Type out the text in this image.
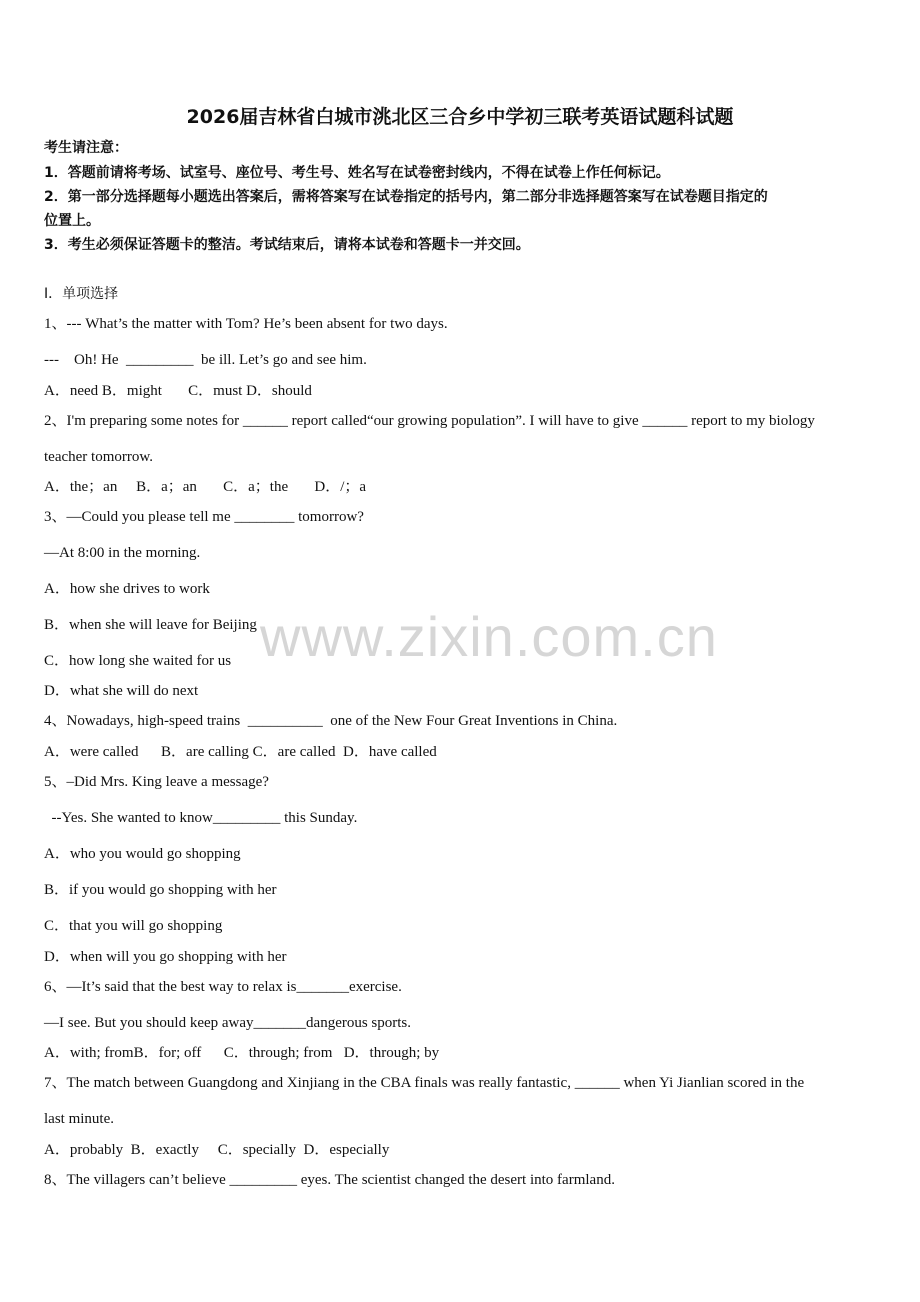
2026届吉林省白城市洮北区三合乡中学初三联考英语试题科试题
考生请注意：
1．答题前请将考场、试室号、座位号、考生号、姓名写在试卷密封线内，不得在试卷上作任何标记。
2．第一部分选择题每小题选出答案后，需将答案写在试卷指定的括号内，第二部分非选择题答案写在试卷题目指定的
位置上。
3．考生必须保证答题卡的整洁。考试结束后，请将本试卷和答题卡一并交回。
Ⅰ．单项选择
1、--- What’s the matter with Tom? He’s been absent for two days.
---    Oh! He  _________  be ill. Let’s go and see him.
A．need B．might       C．must D．should
2、I'm preparing some notes for ______ report called“our growing population”. I will have to give ______ report to my biology
teacher tomorrow.
A．the；an     B．a；an       C．a；the       D．/；a
3、—Could you please tell me ________ tomorrow?
—At 8:00 in the morning.
A．how she drives to work
B．when she will leave for Beijing
C．how long she waited for us
D．what she will do next
4、Nowadays, high-speed trains  __________  one of the New Four Great Inventions in China.
A．were called      B．are calling C．are called  D．have called
5、–Did Mrs. King leave a message?
--Yes. She wanted to know_________ this Sunday.
A．who you would go shopping
B．if you would go shopping with her
C．that you will go shopping
D．when will you go shopping with her
6、—It’s said that the best way to relax is_______exercise.
—I see. But you should keep away_______dangerous sports.
A．with; fromB．for; off      C．through; from   D．through; by
7、The match between Guangdong and Xinjiang in the CBA finals was really fantastic, ______ when Yi Jianlian scored in the
last minute.
A．probably  B．exactly     C．specially  D．especially
8、The villagers can’t believe _________ eyes. The scientist changed the desert into farmland.
www.zixin.com.cn
